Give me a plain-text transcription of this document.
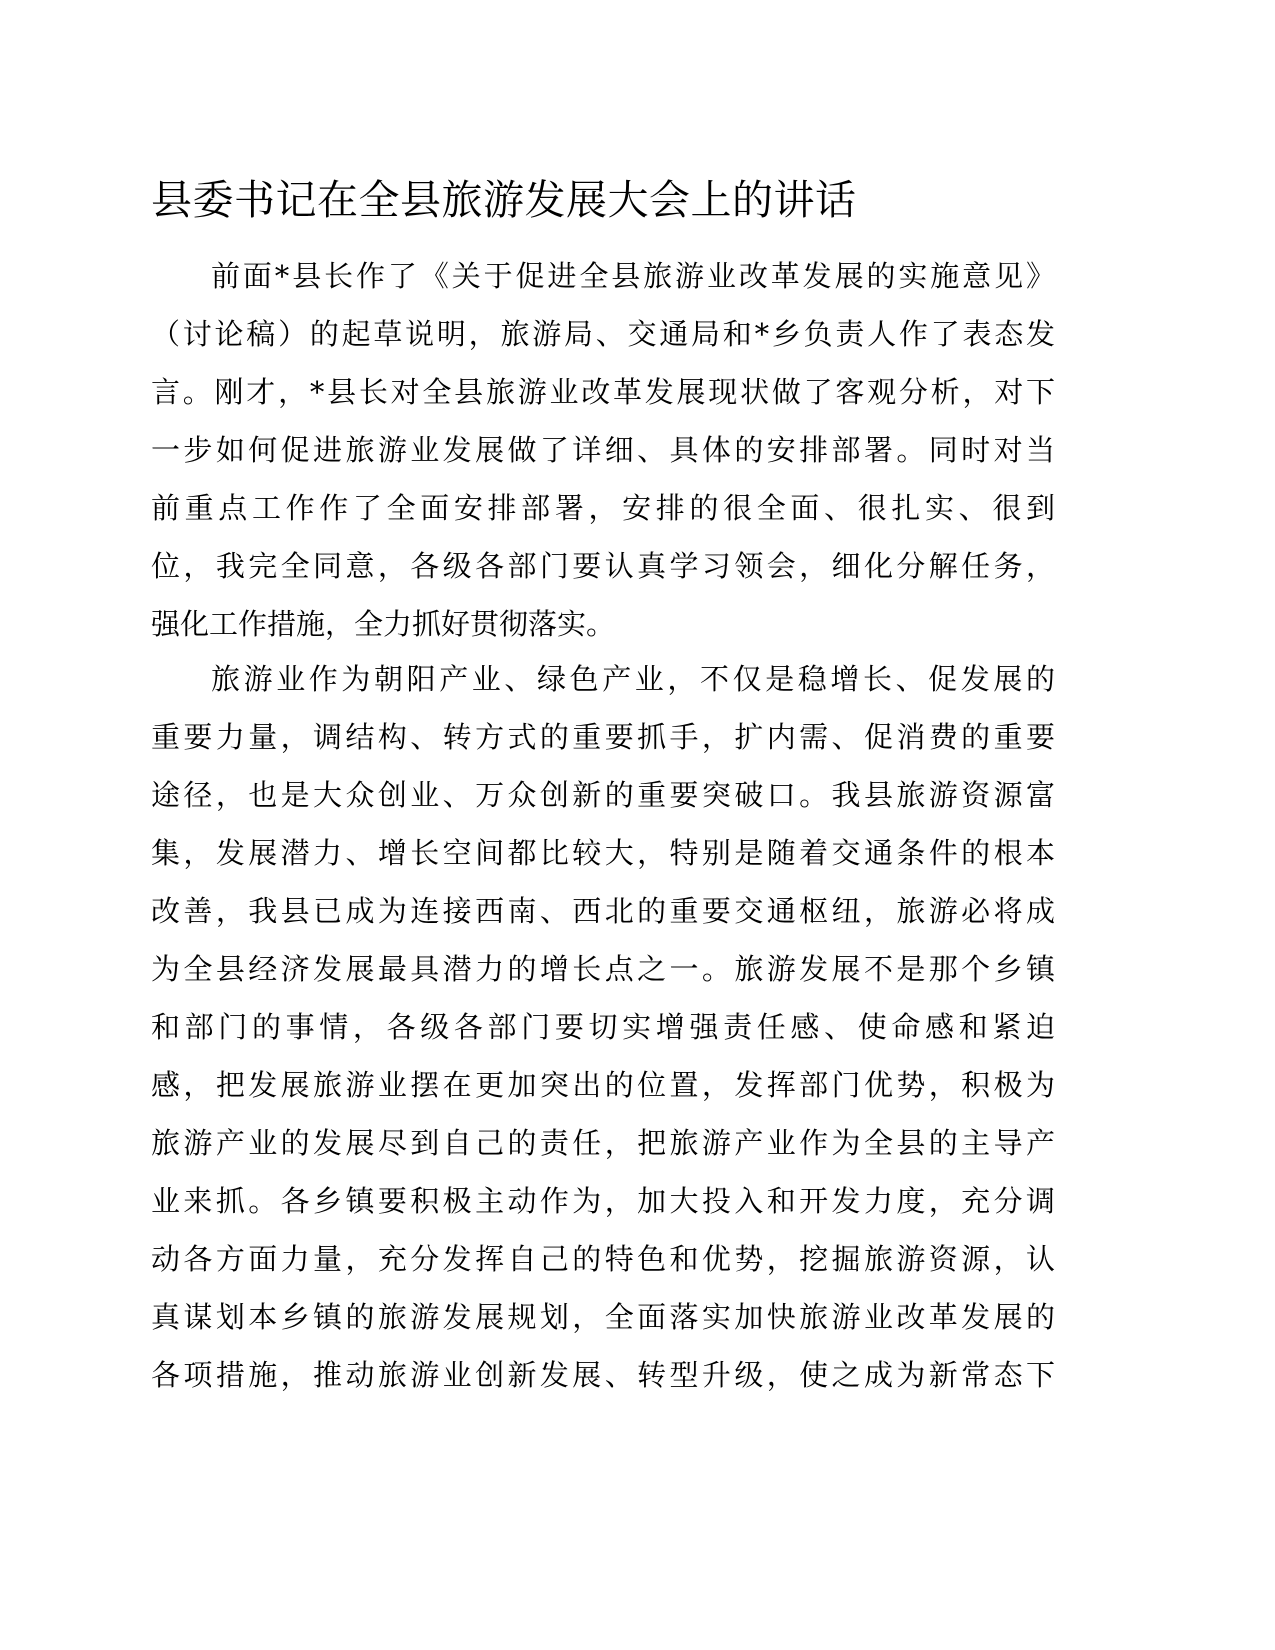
县委书记在全县旅游发展大会上的讲话
前面*县长作了《关于促进全县旅游业改革发展的实施意见》
（讨论稿）的起草说明，旅游局、交通局和*乡负责人作了表态发
言。刚才，*县长对全县旅游业改革发展现状做了客观分析，对下
一步如何促进旅游业发展做了详细、具体的安排部署。同时对当
前重点工作作了全面安排部署，安排的很全面、很扎实、很到
位，我完全同意，各级各部门要认真学习领会，细化分解任务，
强化工作措施，全力抓好贯彻落实。
旅游业作为朝阳产业、绿色产业，不仅是稳增长、促发展的
重要力量，调结构、转方式的重要抓手，扩内需、促消费的重要
途径，也是大众创业、万众创新的重要突破口。我县旅游资源富
集，发展潜力、增长空间都比较大，特别是随着交通条件的根本
改善，我县已成为连接西南、西北的重要交通枢纽，旅游必将成
为全县经济发展最具潜力的增长点之一。旅游发展不是那个乡镇
和部门的事情，各级各部门要切实增强责任感、使命感和紧迫
感，把发展旅游业摆在更加突出的位置，发挥部门优势，积极为
旅游产业的发展尽到自己的责任，把旅游产业作为全县的主导产
业来抓。各乡镇要积极主动作为，加大投入和开发力度，充分调
动各方面力量，充分发挥自己的特色和优势，挖掘旅游资源，认
真谋划本乡镇的旅游发展规划，全面落实加快旅游业改革发展的
各项措施，推动旅游业创新发展、转型升级，使之成为新常态下
